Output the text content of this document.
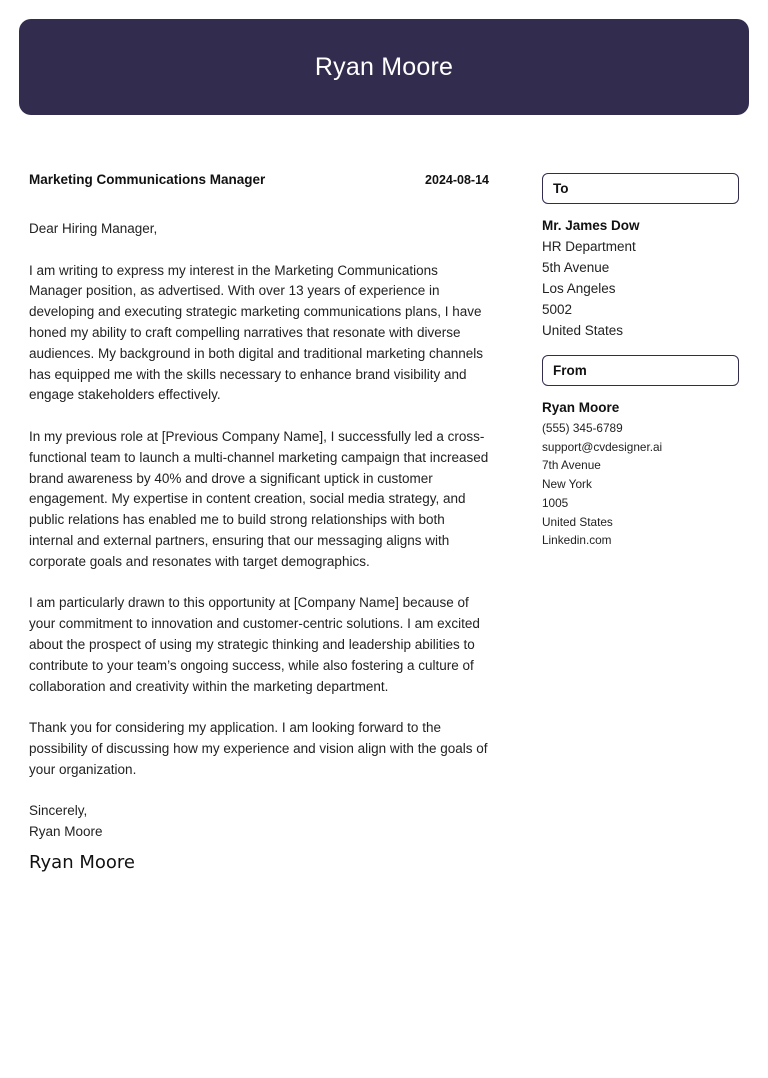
Ryan Moore
Marketing Communications Manager	2024-08-14

Dear Hiring Manager,

I am writing to express my interest in the Marketing Communications Manager position, as advertised. With over 13 years of experience in developing and executing strategic marketing communications plans, I have honed my ability to craft compelling narratives that resonate with diverse audiences. My background in both digital and traditional marketing channels has equipped me with the skills necessary to enhance brand visibility and engage stakeholders effectively.

In my previous role at [Previous Company Name], I successfully led a cross-functional team to launch a multi-channel marketing campaign that increased brand awareness by 40% and drove a significant uptick in customer engagement. My expertise in content creation, social media strategy, and public relations has enabled me to build strong relationships with both internal and external partners, ensuring that our messaging aligns with corporate goals and resonates with target demographics.

I am particularly drawn to this opportunity at [Company Name] because of your commitment to innovation and customer-centric solutions. I am excited about the prospect of using my strategic thinking and leadership abilities to contribute to your team’s ongoing success, while also fostering a culture of collaboration and creativity within the marketing department.

Thank you for considering my application. I am looking forward to the possibility of discussing how my experience and vision align with the goals of your organization.

Sincerely,
Ryan Moore
Ryan Moore
To
Mr. James Dow
HR Department
5th Avenue
Los Angeles
5002
United States
From
Ryan Moore
(555) 345-6789
support@cvdesigner.ai
7th Avenue
New York
1005
United States
Linkedin.com
